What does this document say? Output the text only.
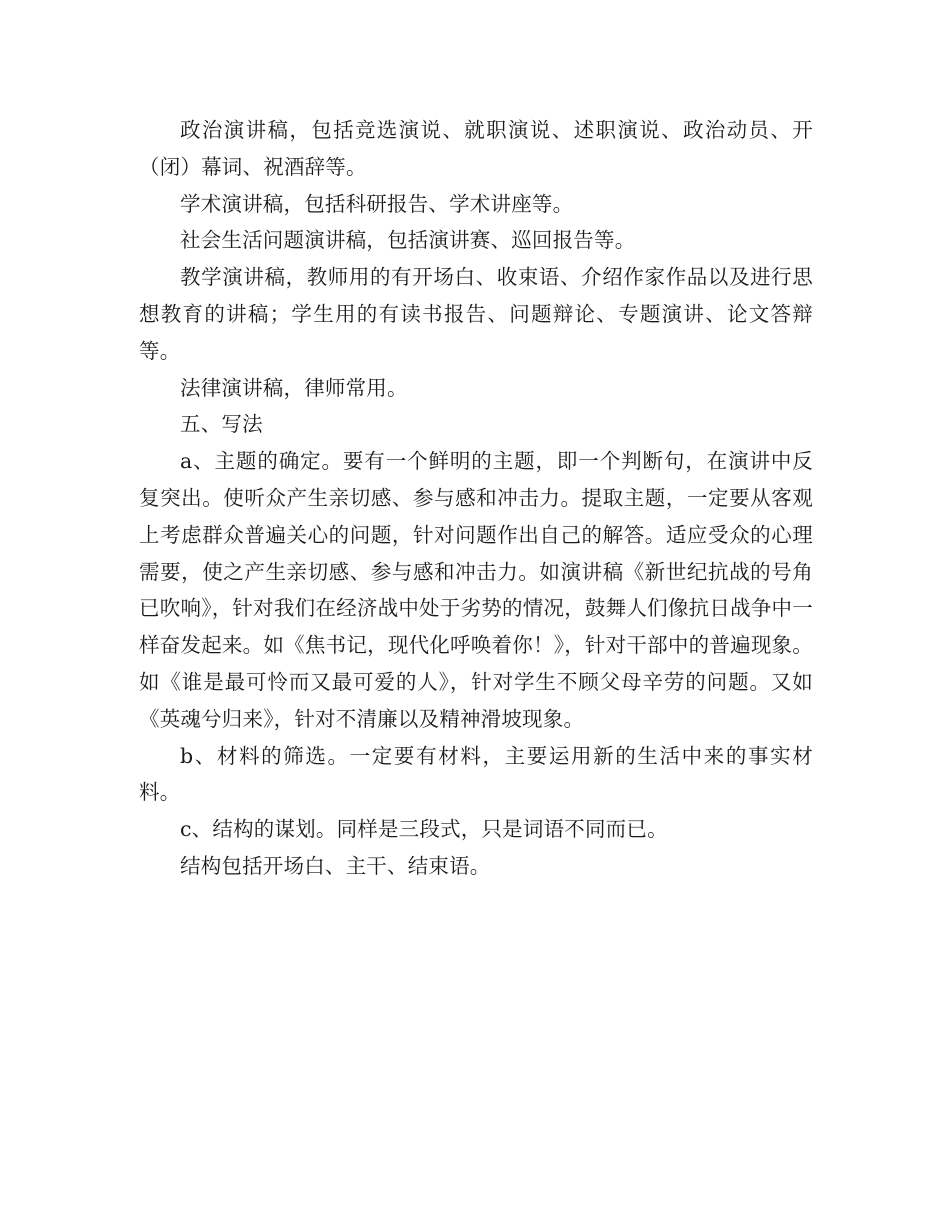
政治演讲稿，包括竞选演说、就职演说、述职演说、政治动员、开（闭）幕词、祝酒辞等。

学术演讲稿，包括科研报告、学术讲座等。

社会生活问题演讲稿，包括演讲赛、巡回报告等。

教学演讲稿，教师用的有开场白、收束语、介绍作家作品以及进行思想教育的讲稿；学生用的有读书报告、问题辩论、专题演讲、论文答辩等。

法律演讲稿，律师常用。

五、写法

a、主题的确定。要有一个鲜明的主题，即一个判断句，在演讲中反复突出。使听众产生亲切感、参与感和冲击力。提取主题，一定要从客观上考虑群众普遍关心的问题，针对问题作出自己的解答。适应受众的心理需要，使之产生亲切感、参与感和冲击力。如演讲稿《新世纪抗战的号角已吹响》，针对我们在经济战中处于劣势的情况，鼓舞人们像抗日战争中一样奋发起来。如《焦书记，现代化呼唤着你！》，针对干部中的普遍现象。如《谁是最可怜而又最可爱的人》，针对学生不顾父母辛劳的问题。又如《英魂兮归来》，针对不清廉以及精神滑坡现象。

b、材料的筛选。一定要有材料，主要运用新的生活中来的事实材料。

c、结构的谋划。同样是三段式，只是词语不同而已。

结构包括开场白、主干、结束语。
